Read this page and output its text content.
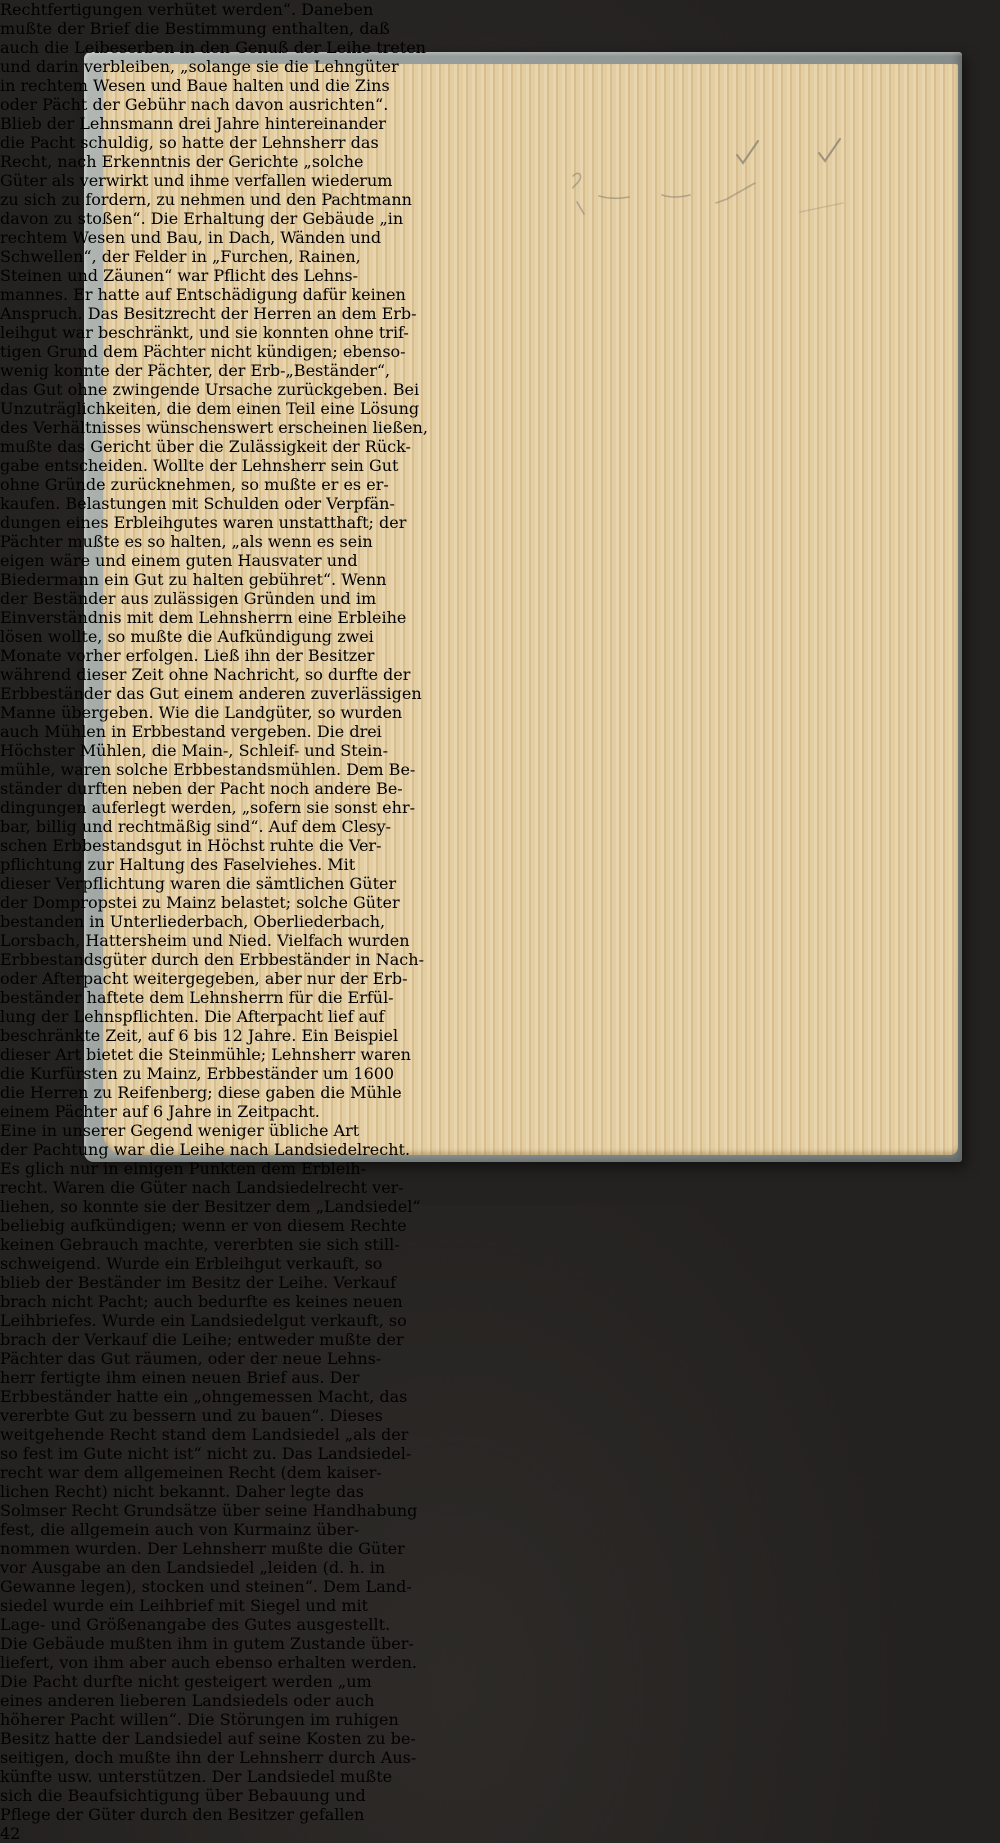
Rechtfertigungen verhütet werden“. Daneben
mußte der Brief die Bestimmung enthalten, daß
auch die Leibeserben in den Genuß der Leihe treten
und darin verbleiben, „solange sie die Lehngüter
in rechtem Wesen und Baue halten und die Zins
oder Pächt der Gebühr nach davon ausrichten“.
Blieb der Lehnsmann drei Jahre hintereinander
die Pacht schuldig, so hatte der Lehnsherr das
Recht, nach Erkenntnis der Gerichte „solche
Güter als verwirkt und ihme verfallen wiederum
zu sich zu fordern, zu nehmen und den Pachtmann
davon zu stoßen“. Die Erhaltung der Gebäude „in
rechtem Wesen und Bau, in Dach, Wänden und
Schwellen“, der Felder in „Furchen, Rainen,
Steinen und Zäunen“ war Pflicht des Lehns-
mannes. Er hatte auf Entschädigung dafür keinen
Anspruch. Das Besitzrecht der Herren an dem Erb-
leihgut war beschränkt, und sie konnten ohne trif-
tigen Grund dem Pächter nicht kündigen; ebenso-
wenig konnte der Pächter, der Erb-„Beständer“,
das Gut ohne zwingende Ursache zurückgeben. Bei
Unzuträglichkeiten, die dem einen Teil eine Lösung
des Verhältnisses wünschenswert erscheinen ließen,
mußte das Gericht über die Zulässigkeit der Rück-
gabe entscheiden. Wollte der Lehnsherr sein Gut
ohne Gründe zurücknehmen, so mußte er es er-
kaufen. Belastungen mit Schulden oder Verpfän-
dungen eines Erbleihgutes waren unstatthaft; der
Pächter mußte es so halten, „als wenn es sein
eigen wäre und einem guten Hausvater und
Biedermann ein Gut zu halten gebühret“. Wenn
der Beständer aus zulässigen Gründen und im
Einverständnis mit dem Lehnsherrn eine Erbleihe
lösen wollte, so mußte die Aufkündigung zwei
Monate vorher erfolgen. Ließ ihn der Besitzer
während dieser Zeit ohne Nachricht, so durfte der
Erbbeständer das Gut einem anderen zuverlässigen
Manne übergeben. Wie die Landgüter, so wurden
auch Mühlen in Erbbestand vergeben. Die drei
Höchster Mühlen, die Main-, Schleif- und Stein-
mühle, waren solche Erbbestandsmühlen. Dem Be-
ständer durften neben der Pacht noch andere Be-
dingungen auferlegt werden, „sofern sie sonst ehr-
bar, billig und rechtmäßig sind“. Auf dem Clesy-
schen Erbbestandsgut in Höchst ruhte die Ver-
pflichtung zur Haltung des Faselviehes. Mit
dieser Verpflichtung waren die sämtlichen Güter
der Dompropstei zu Mainz belastet; solche Güter
bestanden in Unterliederbach, Oberliederbach,
Lorsbach, Hattersheim und Nied. Vielfach wurden
Erbbestandsgüter durch den Erbbeständer in Nach-
oder Afterpacht weitergegeben, aber nur der Erb-
beständer haftete dem Lehnsherrn für die Erfül-
lung der Lehnspflichten. Die Afterpacht lief auf
beschränkte Zeit, auf 6 bis 12 Jahre. Ein Beispiel
dieser Art bietet die Steinmühle; Lehnsherr waren
die Kurfürsten zu Mainz, Erbbeständer um 1600
die Herren zu Reifenberg; diese gaben die Mühle
einem Pächter auf 6 Jahre in Zeitpacht.
Eine in unserer Gegend weniger übliche Art
der Pachtung war die Leihe nach Landsiedelrecht.
Es glich nur in einigen Punkten dem Erbleih-
recht. Waren die Güter nach Landsiedelrecht ver-
liehen, so konnte sie der Besitzer dem „Landsiedel“
beliebig aufkündigen; wenn er von diesem Rechte
keinen Gebrauch machte, vererbten sie sich still-
schweigend. Wurde ein Erbleihgut verkauft, so
blieb der Beständer im Besitz der Leihe. Verkauf
brach nicht Pacht; auch bedurfte es keines neuen
Leihbriefes. Wurde ein Landsiedelgut verkauft, so
brach der Verkauf die Leihe; entweder mußte der
Pächter das Gut räumen, oder der neue Lehns-
herr fertigte ihm einen neuen Brief aus. Der
Erbbeständer hatte ein „ohngemessen Macht, das
vererbte Gut zu bessern und zu bauen“. Dieses
weitgehende Recht stand dem Landsiedel „als der
so fest im Gute nicht ist“ nicht zu. Das Landsiedel-
recht war dem allgemeinen Recht (dem kaiser-
lichen Recht) nicht bekannt. Daher legte das
Solmser Recht Grundsätze über seine Handhabung
fest, die allgemein auch von Kurmainz über-
nommen wurden. Der Lehnsherr mußte die Güter
vor Ausgabe an den Landsiedel „leiden (d. h. in
Gewanne legen), stocken und steinen“. Dem Land-
siedel wurde ein Leihbrief mit Siegel und mit
Lage- und Größenangabe des Gutes ausgestellt.
Die Gebäude mußten ihm in gutem Zustande über-
liefert, von ihm aber auch ebenso erhalten werden.
Die Pacht durfte nicht gesteigert werden „um
eines anderen lieberen Landsiedels oder auch
höherer Pacht willen“. Die Störungen im ruhigen
Besitz hatte der Landsiedel auf seine Kosten zu be-
seitigen, doch mußte ihn der Lehnsherr durch Aus-
künfte usw. unterstützen. Der Landsiedel mußte
sich die Beaufsichtigung über Bebauung und
Pflege der Güter durch den Besitzer gefallen
42
